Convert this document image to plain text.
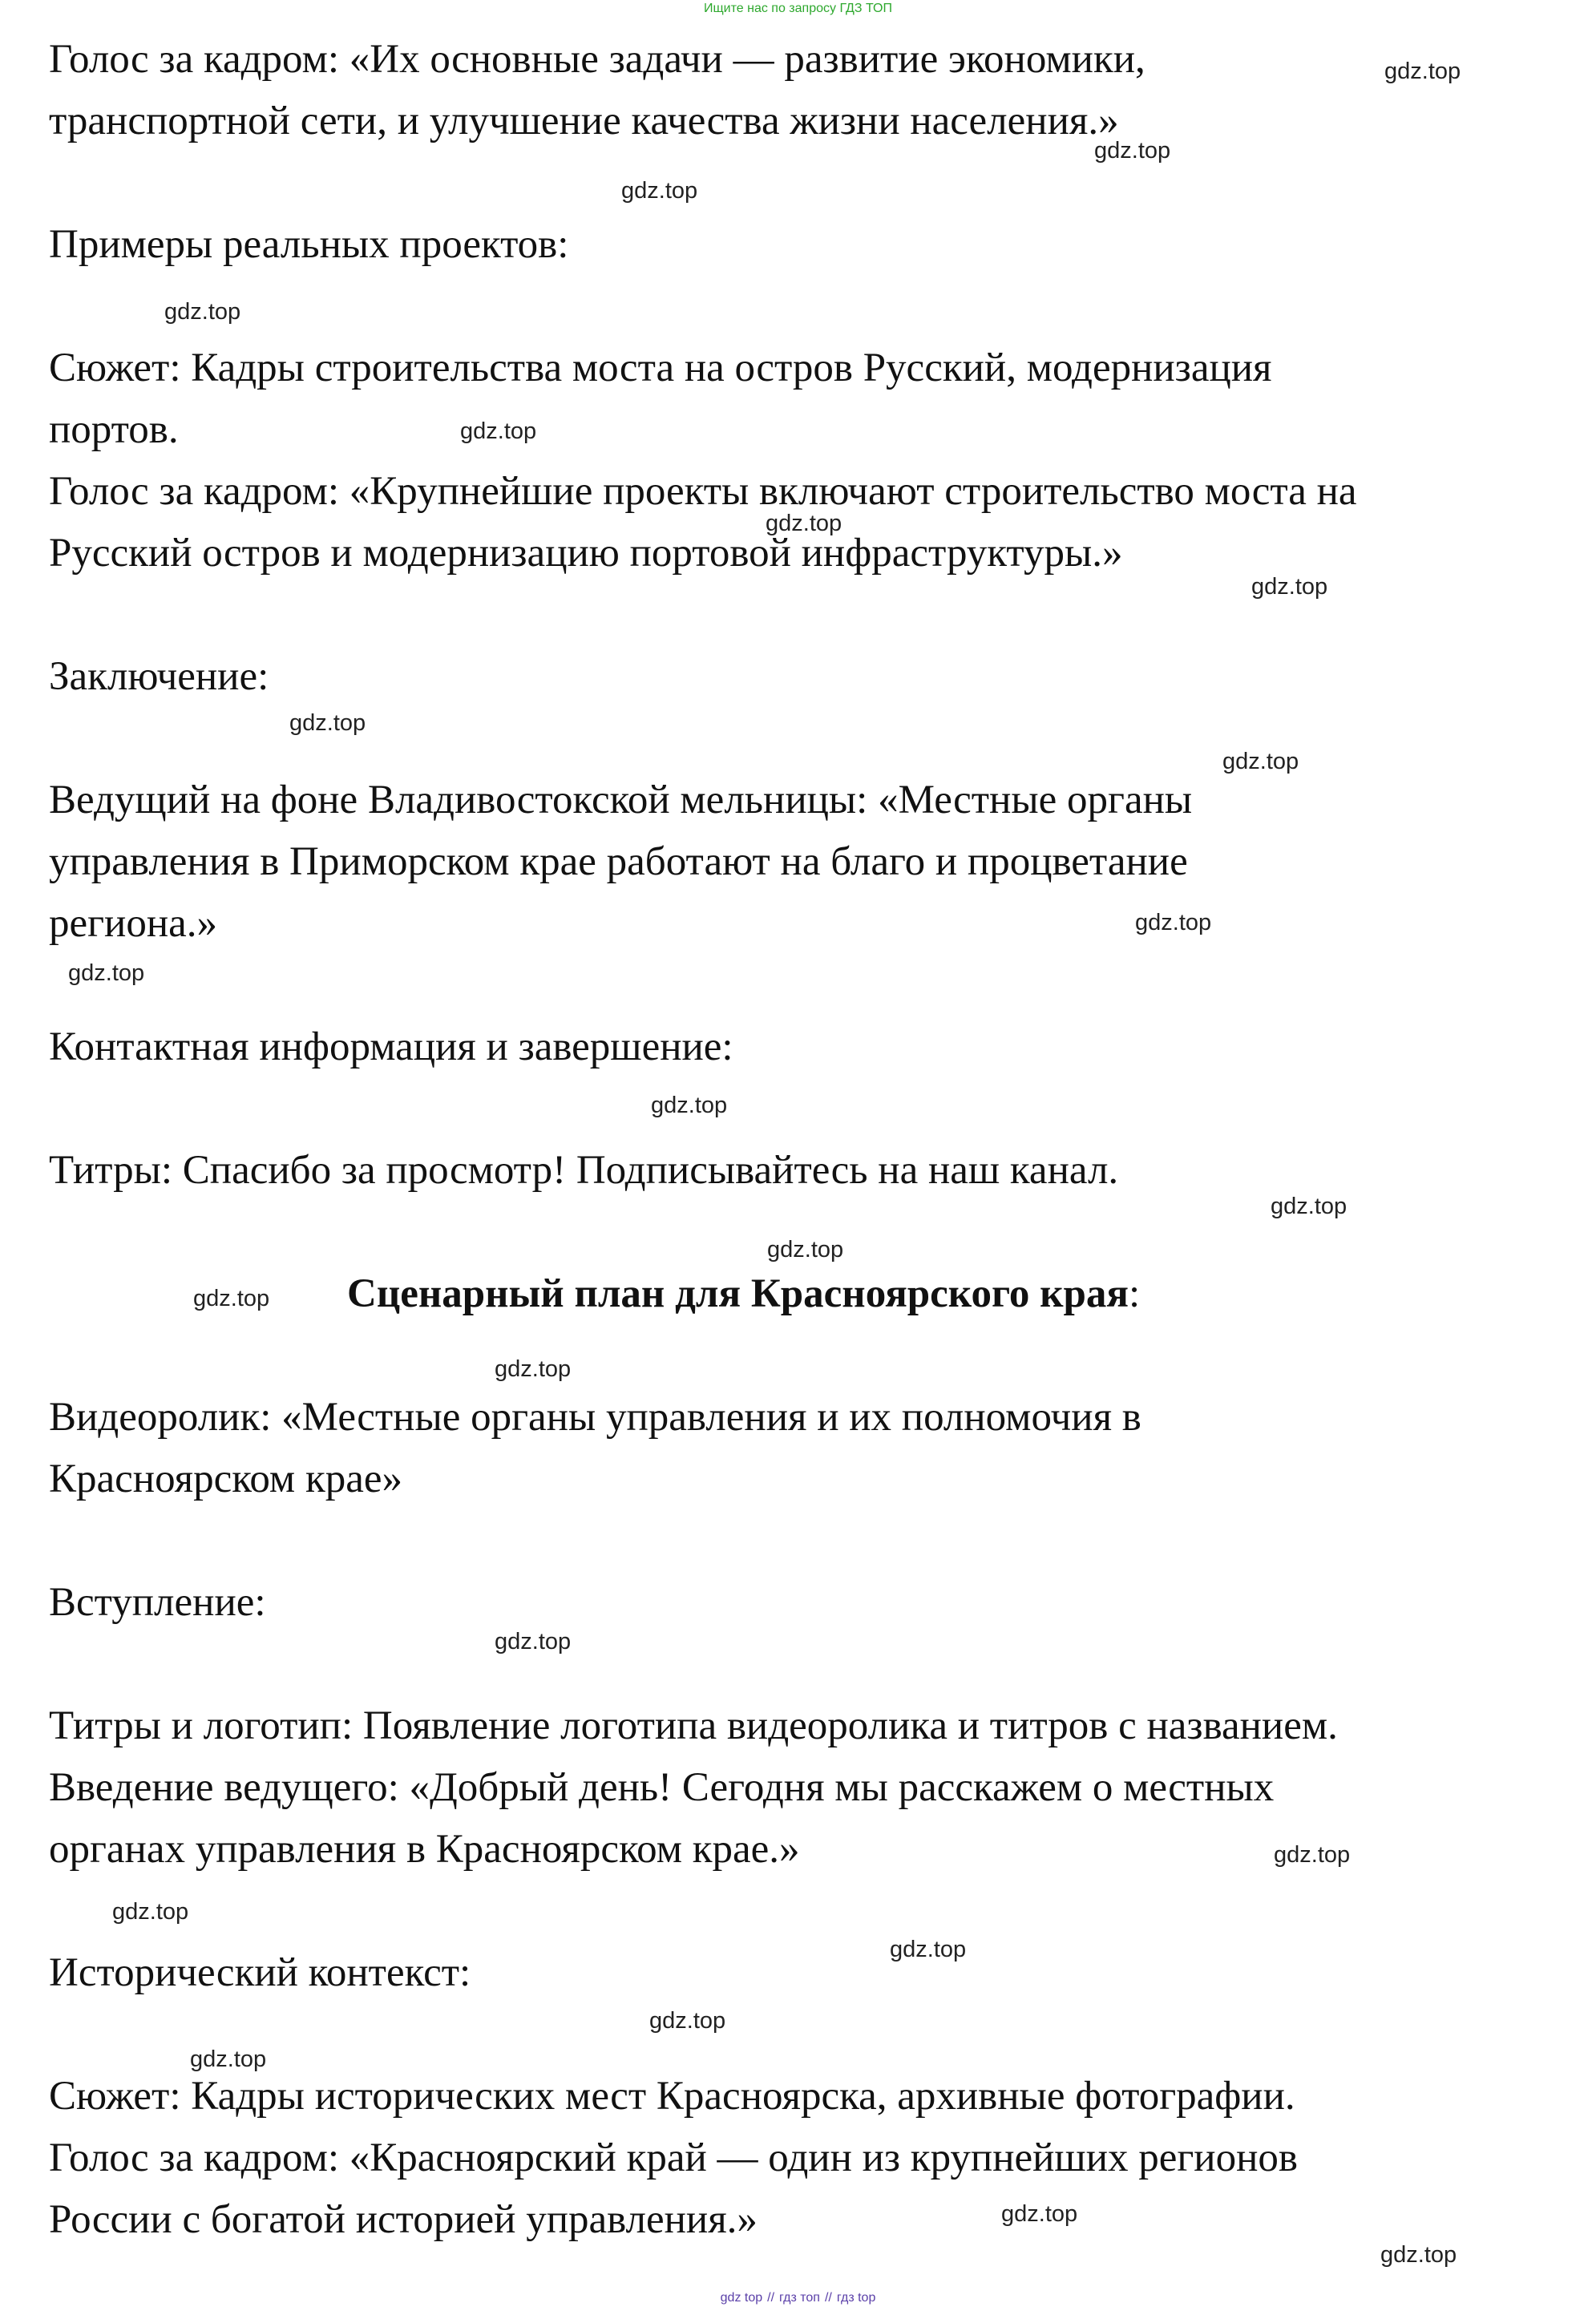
Ищите нас по запросу ГДЗ ТОП
Голос за кадром: «Их основные задачи — развитие экономики,
транспортной сети, и улучшение качества жизни населения.»
Примеры реальных проектов:
Сюжет: Кадры строительства моста на остров Русский, модернизация
портов.
Голос за кадром: «Крупнейшие проекты включают строительство моста на
Русский остров и модернизацию портовой инфраструктуры.»
Заключение:
Ведущий на фоне Владивостокской мельницы: «Местные органы
управления в Приморском крае работают на благо и процветание
региона.»
Контактная информация и завершение:
Титры: Спасибо за просмотр! Подписывайтесь на наш канал.
Сценарный план для Красноярского края:
Видеоролик: «Местные органы управления и их полномочия в
Красноярском крае»
Вступление:
Титры и логотип: Появление логотипа видеоролика и титров с названием.
Введение ведущего: «Добрый день! Сегодня мы расскажем о местных
органах управления в Красноярском крае.»
Исторический контекст:
Сюжет: Кадры исторических мест Красноярска, архивные фотографии.
Голос за кадром: «Красноярский край — один из крупнейших регионов
России с богатой историей управления.»
gdz.top
gdz.top
gdz.top
gdz.top
gdz.top
gdz.top
gdz.top
gdz.top
gdz.top
gdz.top
gdz.top
gdz.top
gdz.top
gdz.top
gdz.top
gdz.top
gdz.top
gdz.top
gdz.top
gdz.top
gdz.top
gdz.top
gdz.top
gdz.top
gdz top // гдз топ // гдз top
